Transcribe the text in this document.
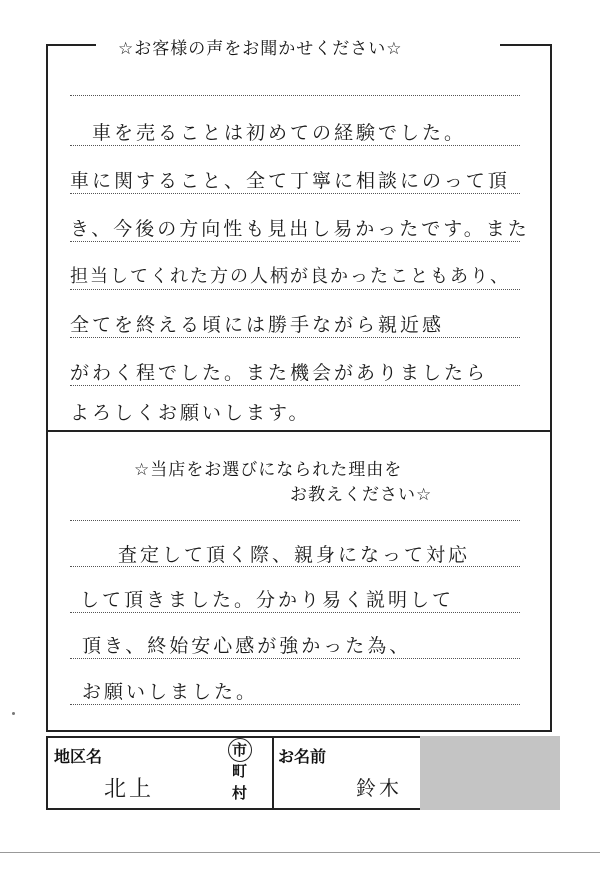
☆お客様の声をお聞かせください☆
車を売ることは初めての経験でした。
車に関すること、全て丁寧に相談にのって頂
き、今後の方向性も見出し易かったです。また
担当してくれた方の人柄が良かったこともあり、
全てを終える頃には勝手ながら親近感
がわく程でした。また機会がありましたら
よろしくお願いします。
☆当店をお選びになられた理由を
お教えください☆
査定して頂く際、親身になって対応
して頂きました。分かり易く説明して
頂き、終始安心感が強かった為、
お願いしました。
地区名
北上
市
町
村
お名前
鈴木
